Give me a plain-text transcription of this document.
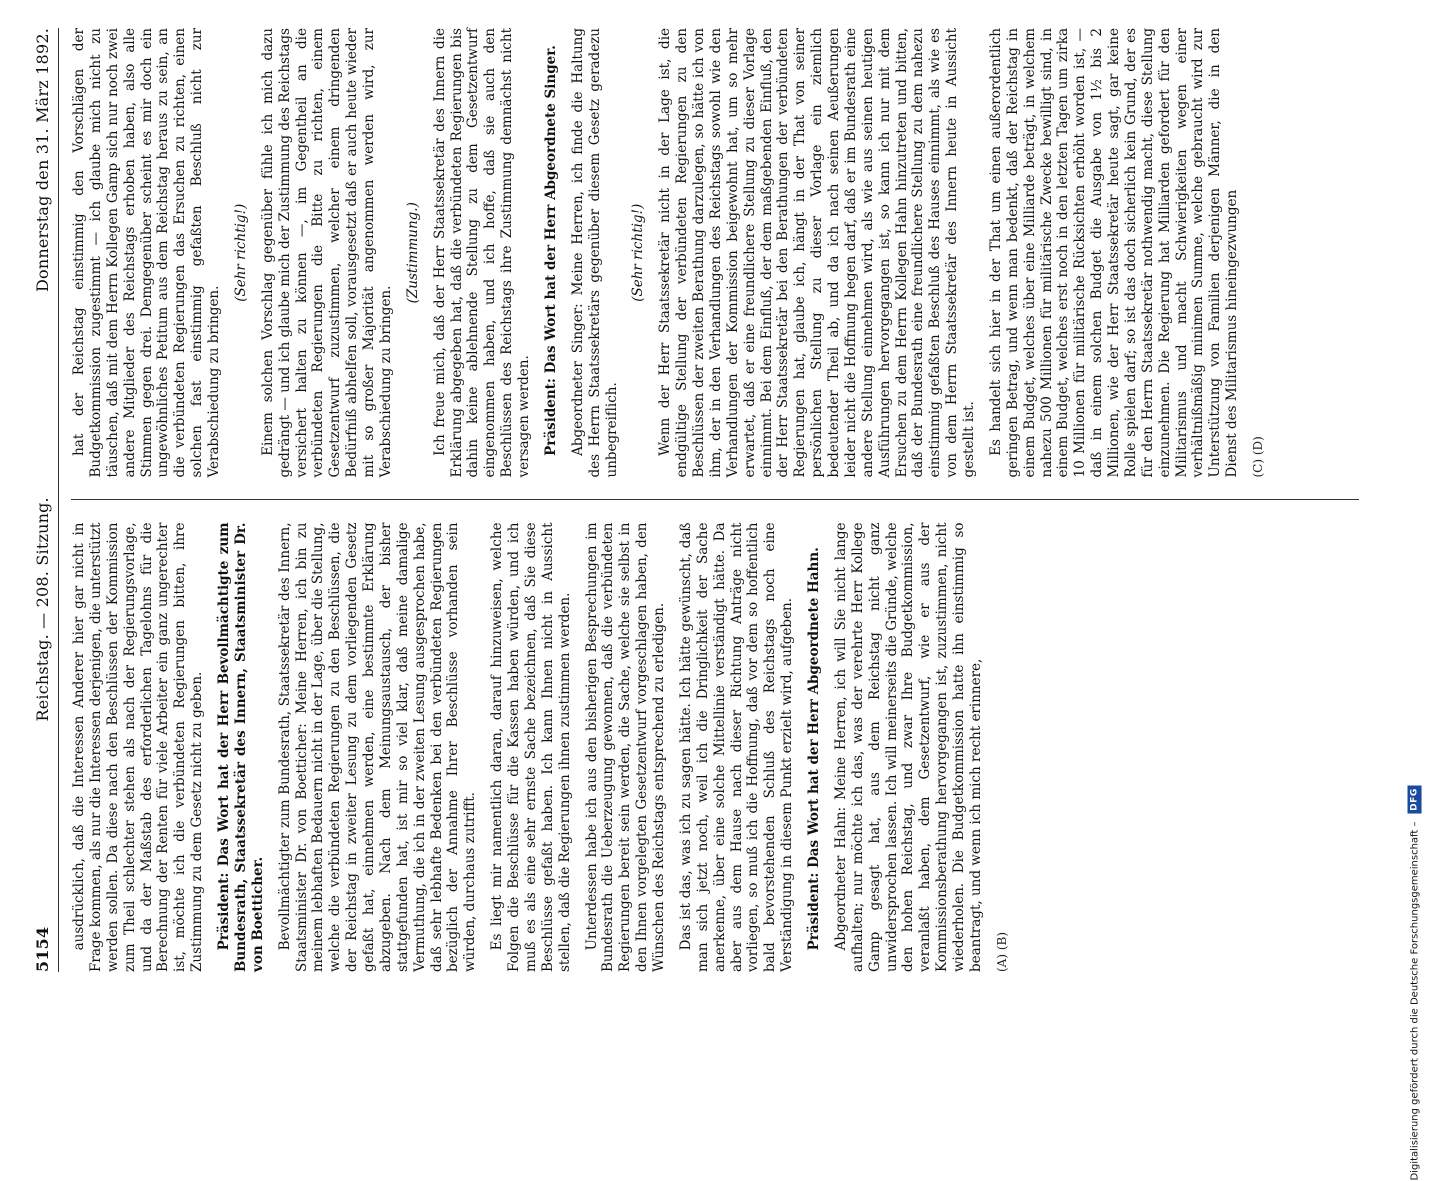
5154
Reichstag. — 208. Sitzung.
Donnerstag den 31. März 1892.
ausdrücklich, daß die Interessen Anderer hier gar nicht in Frage kommen, als nur die Interessen derjenigen, die unterstützt werden sollen. Da diese nach den Beschlüssen der Kommission zum Theil schlechter stehen als nach der Regierungsvorlage, und da der Maßstab des erforderlichen Tagelohns für die Berechnung der Renten für viele Arbeiter ein ganz ungerechter ist, möchte ich die verbündeten Regierungen bitten, ihre Zustimmung zu dem Gesetz nicht zu geben. Präsident: Das Wort hat der Herr Bevollmächtigte zum Bundesrath, Staatssekretär des Innern, Staatsminister Dr. von Boetticher. Bevollmächtigter zum Bundesrath, Staatssekretär des Innern, Staatsminister Dr. von Boetticher: Meine Herren, ich bin zu meinem lebhaften Bedauern nicht in der Lage, über die Stellung, welche die verbündeten Regierungen zu den Beschlüssen, die der Reichstag in zweiter Lesung zu dem vorliegenden Gesetz gefaßt hat, einnehmen werden, eine bestimmte Erklärung abzugeben. Nach dem Meinungsaustausch, der bisher stattgefunden hat, ist mir so viel klar, daß meine damalige Vermuthung, die ich in der zweiten Lesung ausgesprochen habe, daß sehr lebhafte Bedenken bei den verbündeten Regierungen bezüglich der Annahme Ihrer Beschlüsse vorhanden sein würden, durchaus zutrifft. Es liegt mir namentlich daran, darauf hinzuweisen, welche Folgen die Beschlüsse für die Kassen haben würden, und ich muß es als eine sehr ernste Sache bezeichnen, daß Sie diese Beschlüsse gefaßt haben. Ich kann Ihnen nicht in Aussicht stellen, daß die Regierungen ihnen zustimmen werden. Unterdessen habe ich aus den bisherigen Besprechungen im Bundesrath die Ueberzeugung gewonnen, daß die verbündeten Regierungen bereit sein werden, die Sache, welche sie selbst in den Ihnen vorgelegten Gesetzentwurf vorgeschlagen haben, den Wünschen des Reichstags entsprechend zu erledigen. Das ist das, was ich zu sagen hätte. Ich hätte gewünscht, daß man sich jetzt noch, weil ich die Dringlichkeit der Sache anerkenne, über eine solche Mittellinie verständigt hätte. Da aber aus dem Hause nach dieser Richtung Anträge nicht vorliegen, so muß ich die Hoffnung, daß vor dem so hoffentlich bald bevorstehenden Schluß des Reichstags noch eine Verständigung in diesem Punkt erzielt wird, aufgeben. Präsident: Das Wort hat der Herr Abgeordnete Hahn. Abgeordneter Hahn: Meine Herren, ich will Sie nicht lange aufhalten; nur möchte ich das, was der verehrte Herr Kollege Gamp gesagt hat, aus dem Reichstag nicht ganz unwidersprochen lassen. Ich will meinerseits die Gründe, welche den hohen Reichstag, und zwar Ihre Budgetkommission, veranlaßt haben, dem Gesetzentwurf, wie er aus der Kommissionsberathung hervorgegangen ist, zuzustimmen, nicht wiederholen. Die Budgetkommission hatte ihn einstimmig so beantragt, und wenn ich mich recht erinnere, (A) (B)
hat der Reichstag einstimmig den Vorschlägen der Budgetkommission zugestimmt — ich glaube mich nicht zu täuschen, daß mit dem Herrn Kollegen Gamp sich nur noch zwei andere Mitglieder des Reichstags erhoben haben, also alle Stimmen gegen drei. Demgegenüber scheint es mir doch ein ungewöhnliches Petitum aus dem Reichstag heraus zu sein, an die verbündeten Regierungen das Ersuchen zu richten, einen solchen fast einstimmig gefaßten Beschluß nicht zur Verabschiedung zu bringen.
(Sehr richtig!) Einem solchen Vorschlag gegenüber fühle ich mich dazu gedrängt — und ich glaube mich der Zustimmung des Reichstags versichert halten zu können —, im Gegentheil an die verbündeten Regierungen die Bitte zu richten, einem Gesetzentwurf zuzustimmen, welcher einem dringenden Bedürfniß abhelfen soll, vorausgesetzt daß er auch heute wieder mit so großer Majorität angenommen werden wird, zur Verabschiedung zu bringen.
(Zustimmung.) Ich freue mich, daß der Herr Staatssekretär des Innern die Erklärung abgegeben hat, daß die verbündeten Regierungen bis dahin keine ablehnende Stellung zu dem Gesetzentwurf eingenommen haben, und ich hoffe, daß sie auch den Beschlüssen des Reichstags ihre Zustimmung demnächst nicht versagen werden. Präsident: Das Wort hat der Herr Abgeordnete Singer. Abgeordneter Singer: Meine Herren, ich finde die Haltung des Herrn Staatssekretärs gegenüber diesem Gesetz geradezu unbegreiflich.
(Sehr richtig!) Wenn der Herr Staatssekretär nicht in der Lage ist, die endgültige Stellung der verbündeten Regierungen zu den Beschlüssen der zweiten Berathung darzulegen, so hätte ich von ihm, der in den Verhandlungen des Reichstags sowohl wie den Verhandlungen der Kommission beigewohnt hat, um so mehr erwartet, daß er eine freundlichere Stellung zu dieser Vorlage einnimmt. Bei dem Einfluß, der dem maßgebenden Einfluß, den der Herr Staatssekretär bei den Berathungen der verbündeten Regierungen hat, glaube ich, hängt in der That von seiner persönlichen Stellung zu dieser Vorlage ein ziemlich bedeutender Theil ab, und da ich nach seinen Aeußerungen leider nicht die Hoffnung hegen darf, daß er im Bundesrath eine andere Stellung einnehmen wird, als wie aus seinen heutigen Ausführungen hervorgegangen ist, so kann ich nur mit dem Ersuchen zu dem Herrn Kollegen Hahn hinzutreten und bitten, daß der Bundesrath eine freundlichere Stellung zu dem nahezu einstimmig gefaßten Beschluß des Hauses einnimmt, als wie es von dem Herrn Staatssekretär des Innern heute in Aussicht gestellt ist. Es handelt sich hier in der That um einen außerordentlich geringen Betrag, und wenn man bedenkt, daß der Reichstag in einem Budget, welches über eine Milliarde beträgt, in welchem nahezu 500 Millionen für militärische Zwecke bewilligt sind, in einem Budget, welches erst noch in den letzten Tagen um zirka 10 Millionen für militärische Rücksichten erhöht worden ist, — daß in einem solchen Budget die Ausgabe von 1½ bis 2 Millionen, wie der Herr Staatssekretär heute sagt, gar keine Rolle spielen darf; so ist das doch sicherlich kein Grund, der es für den Herrn Staatssekretär nothwendig macht, diese Stellung einzunehmen. Die Regierung hat Milliarden gefordert für den Militarismus und macht Schwierigkeiten wegen einer verhältnißmäßig minimen Summe, welche gebraucht wird zur Unterstützung von Familien derjenigen Männer, die in den Dienst des Militarismus hineingezwungen (C) (D)
Digitalisierung gefördert durch die Deutsche Forschungsgemeinschaft –
DFG
